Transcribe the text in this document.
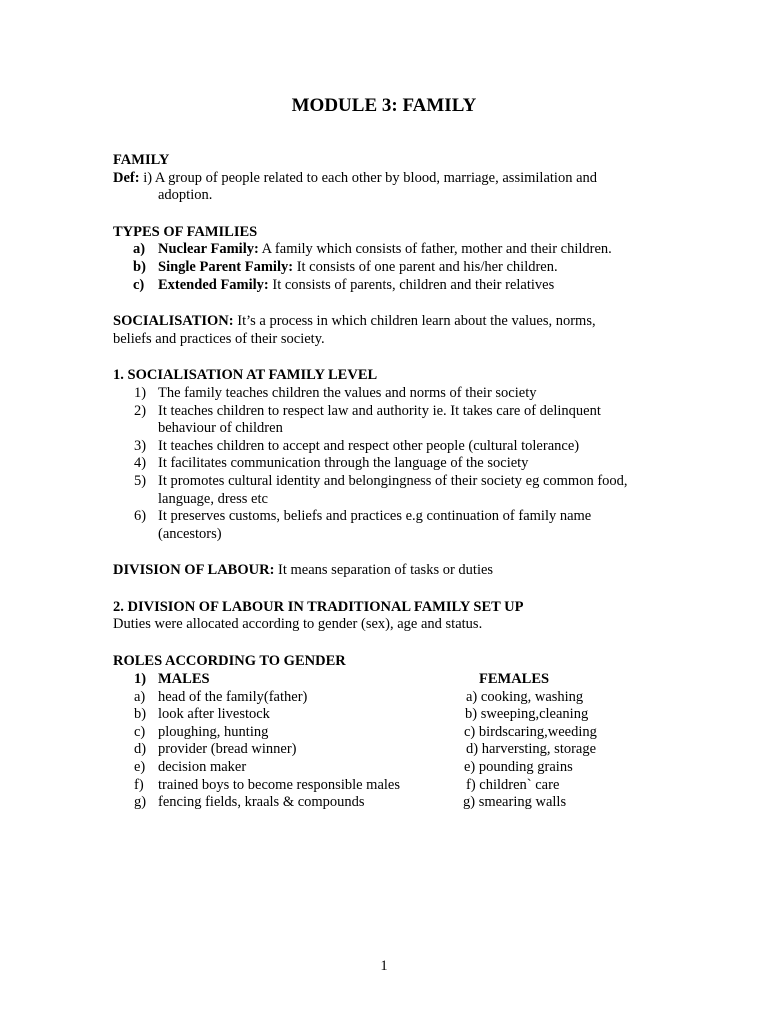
MODULE 3: FAMILY
FAMILY
Def: i) A group of people related to each other by blood, marriage, assimilation and
adoption.
TYPES OF FAMILIES
a) Nuclear Family: A family which consists of father, mother and their children.
b) Single Parent Family: It consists of one parent and his/her children.
c) Extended Family: It consists of parents, children and their relatives
SOCIALISATION: It’s a process in which children learn about the values, norms,
beliefs and practices of their society.
1. SOCIALISATION AT FAMILY LEVEL
1) The family teaches children the values and norms of their society
2) It teaches children to respect law and authority ie. It takes care of delinquent
behaviour of children
3) It teaches children to accept and respect other people (cultural tolerance)
4) It facilitates communication through the language of the society
5) It promotes cultural identity and belongingness of their society eg common food,
language, dress etc
6) It preserves customs, beliefs and practices e.g continuation of family name
(ancestors)
DIVISION OF LABOUR: It means separation of tasks or duties
2. DIVISION OF LABOUR IN TRADITIONAL FAMILY SET UP
Duties were allocated according to gender (sex), age and status.
ROLES ACCORDING TO GENDER
1) MALES	FEMALES
a) head of the family(father)	a) cooking, washing
b) look after livestock	b) sweeping,cleaning
c) ploughing, hunting	c) birdscaring,weeding
d) provider (bread winner)	d) harversting, storage
e) decision maker	e) pounding grains
f) trained boys to become responsible males	f) children` care
g) fencing fields, kraals & compounds	g) smearing walls
1
